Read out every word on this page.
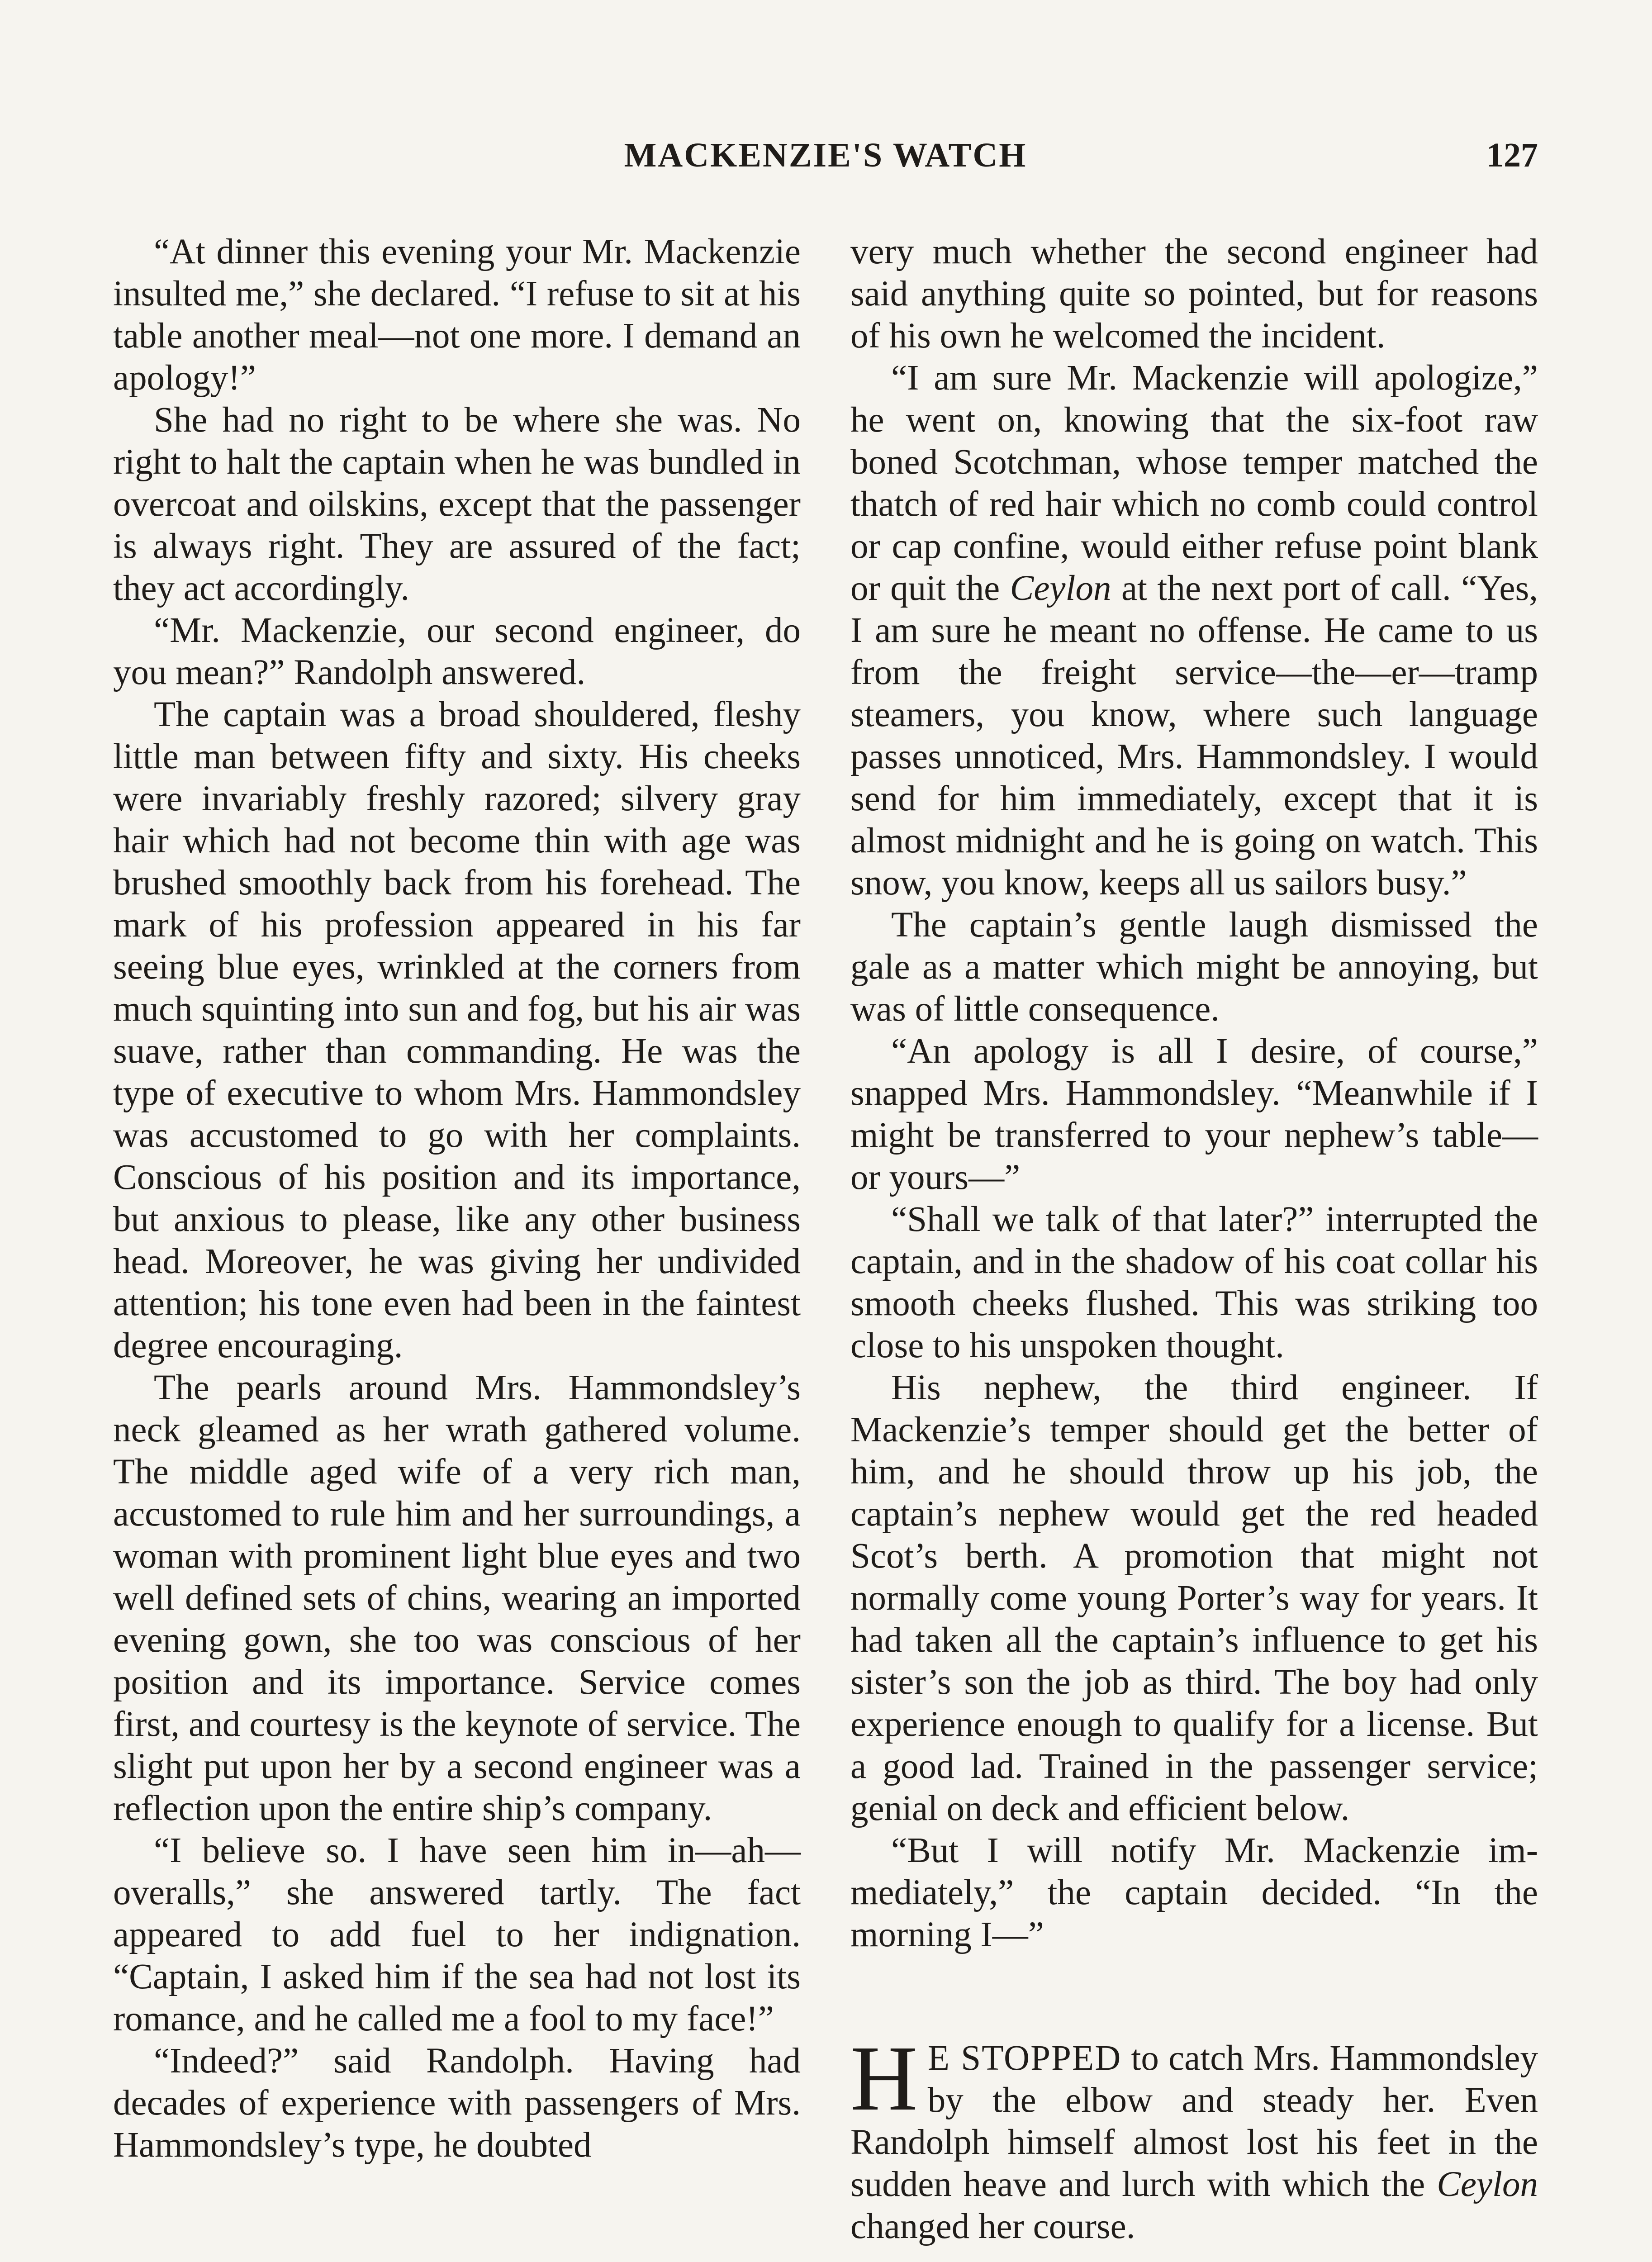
MACKENZIE'S WATCH	127

“At dinner this evening your Mr. Mackenzie insulted me,” she declared. “I refuse to sit at his table another meal—not one more. I demand an apology!”

She had no right to be where she was. No right to halt the captain when he was bundled in overcoat and oilskins, except that the passenger is always right. They are assured of the fact; they act accordingly.

“Mr. Mackenzie, our second engineer, do you mean?” Randolph answered.

The captain was a broad shouldered, fleshy little man between fifty and sixty. His cheeks were invariably freshly razored; silvery gray hair which had not become thin with age was brushed smoothly back from his forehead. The mark of his profession appeared in his far seeing blue eyes, wrinkled at the corners from much squinting into sun and fog, but his air was suave, rather than commanding. He was the type of executive to whom Mrs. Hammondsley was accustomed to go with her complaints. Conscious of his position and its importance, but anxious to please, like any other business head. Moreover, he was giving her undivided attention; his tone even had been in the faintest degree encouraging.

The pearls around Mrs. Hammondsley’s neck gleamed as her wrath gathered volume. The middle aged wife of a very rich man, accustomed to rule him and her surroundings, a woman with prominent light blue eyes and two well defined sets of chins, wearing an imported evening gown, she too was conscious of her position and its importance. Service comes first, and courtesy is the keynote of service. The slight put upon her by a second engineer was a reflection upon the entire ship’s company.

“I believe so. I have seen him in—ah—overalls,” she answered tartly. The fact appeared to add fuel to her indignation. “Captain, I asked him if the sea had not lost its romance, and he called me a fool to my face!”

“Indeed?” said Randolph. Having had decades of experience with passengers of Mrs. Hammondsley’s type, he doubted

very much whether the second engineer had said anything quite so pointed, but for reasons of his own he welcomed the incident.

“I am sure Mr. Mackenzie will apologize,” he went on, knowing that the six-foot raw boned Scotchman, whose temper matched the thatch of red hair which no comb could control or cap confine, would either refuse point blank or quit the Ceylon at the next port of call. “Yes, I am sure he meant no offense. He came to us from the freight service—the—er—tramp steamers, you know, where such language passes unnoticed, Mrs. Hammondsley. I would send for him immediately, except that it is almost midnight and he is going on watch. This snow, you know, keeps all us sailors busy.”

The captain’s gentle laugh dismissed the gale as a matter which might be annoying, but was of little consequence.

“An apology is all I desire, of course,” snapped Mrs. Hammondsley. “Meanwhile if I might be transferred to your nephew’s table—or yours—”

“Shall we talk of that later?” interrupted the captain, and in the shadow of his coat collar his smooth cheeks flushed. This was striking too close to his unspoken thought.

His nephew, the third engineer. If Mackenzie’s temper should get the better of him, and he should throw up his job, the captain’s nephew would get the red headed Scot’s berth. A promotion that might not normally come young Porter’s way for years. It had taken all the captain’s influence to get his sister’s son the job as third. The boy had only experience enough to qualify for a license. But a good lad. Trained in the passenger service; genial on deck and efficient below.

“But I will notify Mr. Mackenzie immediately,” the captain decided. “In the morning I—”

H E STOPPED to catch Mrs. Hammondsley by the elbow and steady her. Even Randolph himself almost lost his feet in the sudden heave and lurch with which the Ceylon changed her course.
